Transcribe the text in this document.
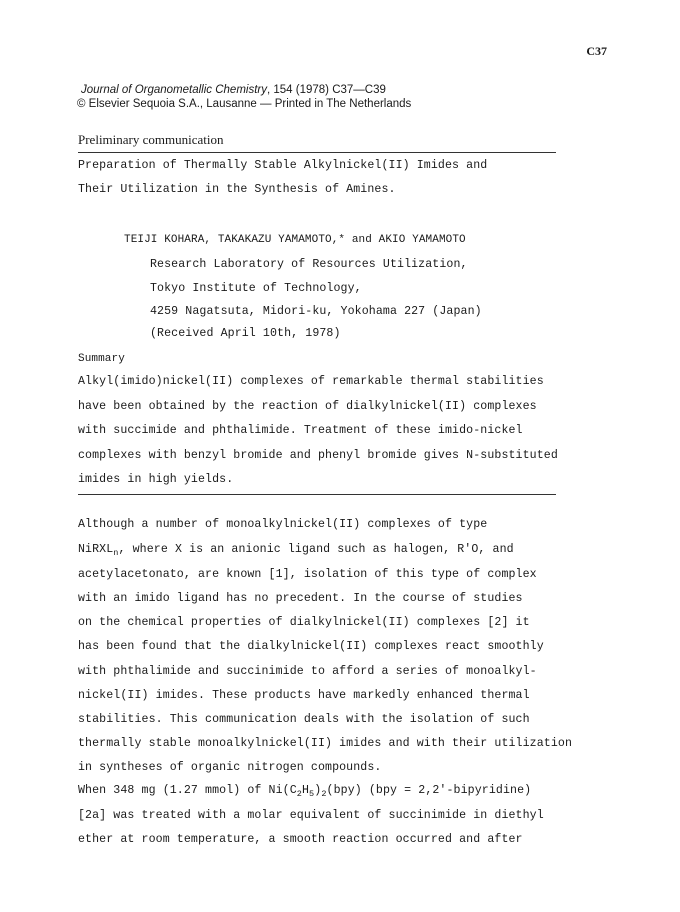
C37
Journal of Organometallic Chemistry, 154 (1978) C37—C39
© Elsevier Sequoia S.A., Lausanne — Printed in The Netherlands
Preliminary communication
Preparation of Thermally Stable Alkylnickel(II) Imides and
Their Utilization in the Synthesis of Amines.
TEIJI KOHARA, TAKAKAZU YAMAMOTO,* and AKIO YAMAMOTO
Research Laboratory of Resources Utilization,
Tokyo Institute of Technology,
4259 Nagatsuta, Midori-ku, Yokohama 227 (Japan)
(Received April 10th, 1978)
Summary
Alkyl(imido)nickel(II) complexes of remarkable thermal stabilities
have been obtained by the reaction of dialkylnickel(II) complexes
with succimide and phthalimide. Treatment of these imido-nickel
complexes with benzyl bromide and phenyl bromide gives N-substituted
imides in high yields.
Although a number of monoalkylnickel(II) complexes of type
NiRXL$_n$, where X is an anionic ligand such as halogen, R'O, and
acetylacetonato, are known [1], isolation of this type of complex
with an imido ligand has no precedent. In the course of studies
on the chemical properties of dialkylnickel(II) complexes [2] it
has been found that the dialkylnickel(II) complexes react smoothly
with phthalimide and succinimide to afford a series of monoalkyl-
nickel(II) imides. These products have markedly enhanced thermal
stabilities. This communication deals with the isolation of such
thermally stable monoalkylnickel(II) imides and with their utilization
in syntheses of organic nitrogen compounds.
When 348 mg (1.27 mmol) of $Ni(C_2H_5)_2(bpy) (bpy$ = 2,2'-bipyridine)
[2a] was treated with a molar equivalent of succinimide in diethyl
ether at room temperature, a smooth reaction occurred and after
